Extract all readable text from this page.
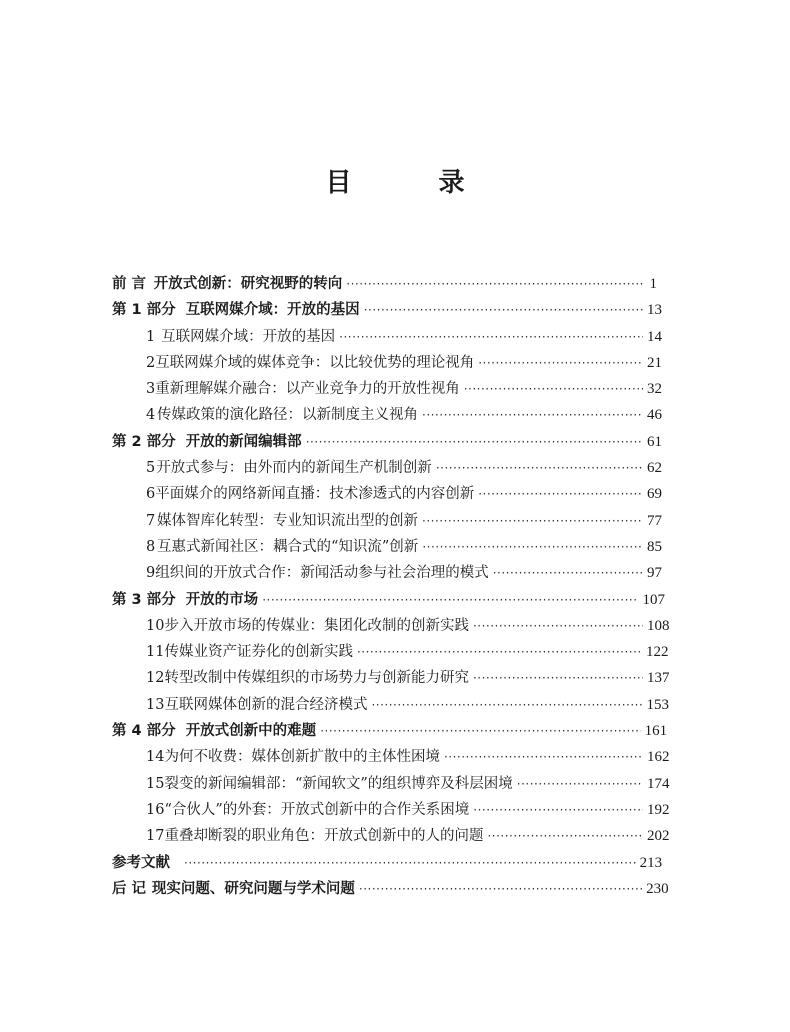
目 录
前 言 开放式创新：研究视野的转向 ·····	1
第 1 部分 互联网媒介域：开放的基因 ·····	13
1 互联网媒介域：开放的基因 ·····	14
2 互联网媒介域的媒体竞争：以比较优势的理论视角 ·····	21
3 重新理解媒介融合：以产业竞争力的开放性视角 ·····	32
4 传媒政策的演化路径：以新制度主义视角 ·····	46
第 2 部分 开放的新闻编辑部 ·····	61
5 开放式参与：由外而内的新闻生产机制创新 ·····	62
6 平面媒介的网络新闻直播：技术渗透式的内容创新 ·····	69
7 媒体智库化转型：专业知识流出型的创新 ·····	77
8 互惠式新闻社区：耦合式的“知识流”创新 ·····	85
9 组织间的开放式合作：新闻活动参与社会治理的模式 ·····	97
第 3 部分 开放的市场 ·····	107
10 步入开放市场的传媒业：集团化改制的创新实践 ·····	108
11 传媒业资产证券化的创新实践 ·····	122
12 转型改制中传媒组织的市场势力与创新能力研究 ·····	137
13 互联网媒体创新的混合经济模式 ·····	153
第 4 部分 开放式创新中的难题 ·····	161
14 为何不收费：媒体创新扩散中的主体性困境 ·····	162
15 裂变的新闻编辑部：“新闻软文”的组织博弈及科层困境 ·····	174
16 “合伙人”的外套：开放式创新中的合作关系困境 ·····	192
17 重叠却断裂的职业角色：开放式创新中的人的问题 ·····	202
参考文献 ·····	213
后 记 现实问题、研究问题与学术问题 ·····	230
